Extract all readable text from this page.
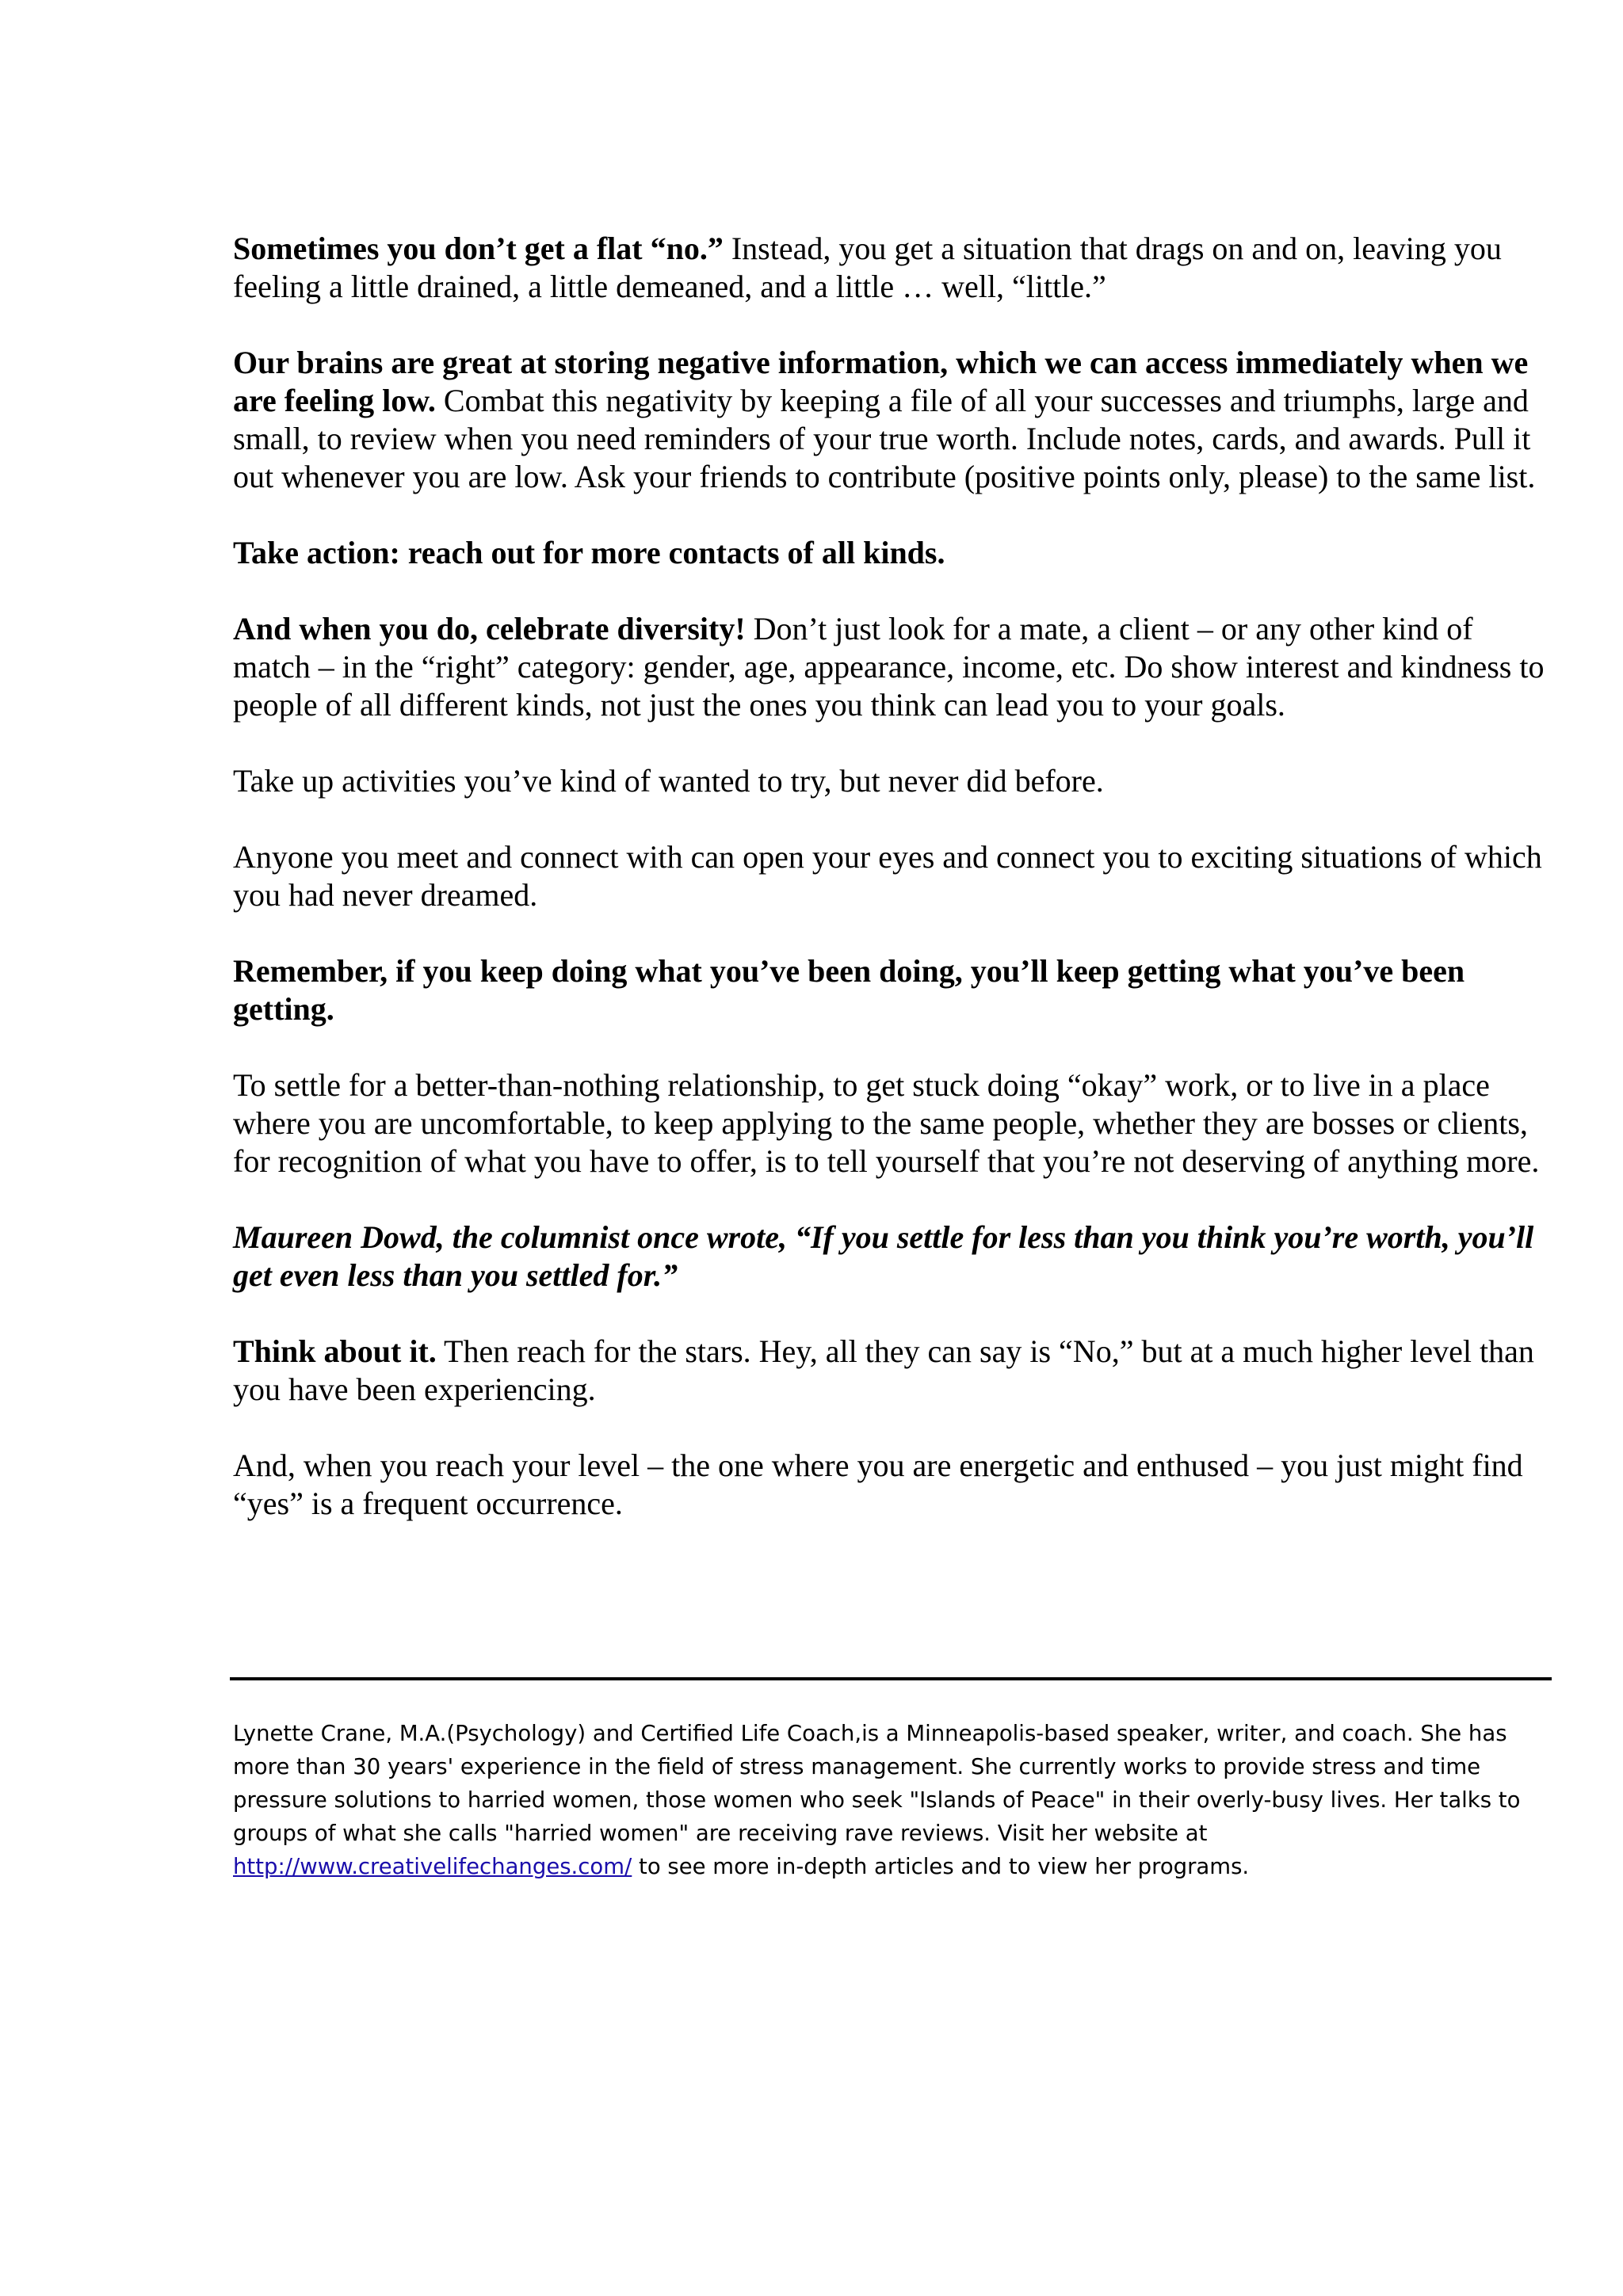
Sometimes you don’t get a flat “no.” Instead, you get a situation that drags on and on, leaving you feeling a little drained, a little demeaned, and a little … well, “little.”

Our brains are great at storing negative information, which we can access immediately when we are feeling low. Combat this negativity by keeping a file of all your successes and triumphs, large and small, to review when you need reminders of your true worth. Include notes, cards, and awards. Pull it out whenever you are low. Ask your friends to contribute (positive points only, please) to the same list.

Take action: reach out for more contacts of all kinds.

And when you do, celebrate diversity! Don’t just look for a mate, a client – or any other kind of match – in the “right” category: gender, age, appearance, income, etc. Do show interest and kindness to people of all different kinds, not just the ones you think can lead you to your goals.

Take up activities you’ve kind of wanted to try, but never did before.

Anyone you meet and connect with can open your eyes and connect you to exciting situations of which you had never dreamed.

Remember, if you keep doing what you’ve been doing, you’ll keep getting what you’ve been getting.

To settle for a better-than-nothing relationship, to get stuck doing “okay” work, or to live in a place where you are uncomfortable, to keep applying to the same people, whether they are bosses or clients, for recognition of what you have to offer, is to tell yourself that you’re not deserving of anything more.

Maureen Dowd, the columnist once wrote, “If you settle for less than you think you’re worth, you’ll get even less than you settled for.”

Think about it. Then reach for the stars. Hey, all they can say is “No,” but at a much higher level than you have been experiencing.

And, when you reach your level – the one where you are energetic and enthused – you just might find “yes” is a frequent occurrence.

Lynette Crane, M.A.(Psychology) and Certified Life Coach,is a Minneapolis-based speaker, writer, and coach. She has more than 30 years' experience in the field of stress management. She currently works to provide stress and time pressure solutions to harried women, those women who seek "Islands of Peace" in their overly-busy lives. Her talks to groups of what she calls "harried women" are receiving rave reviews. Visit her website at http://www.creativelifechanges.com/ to see more in-depth articles and to view her programs.
